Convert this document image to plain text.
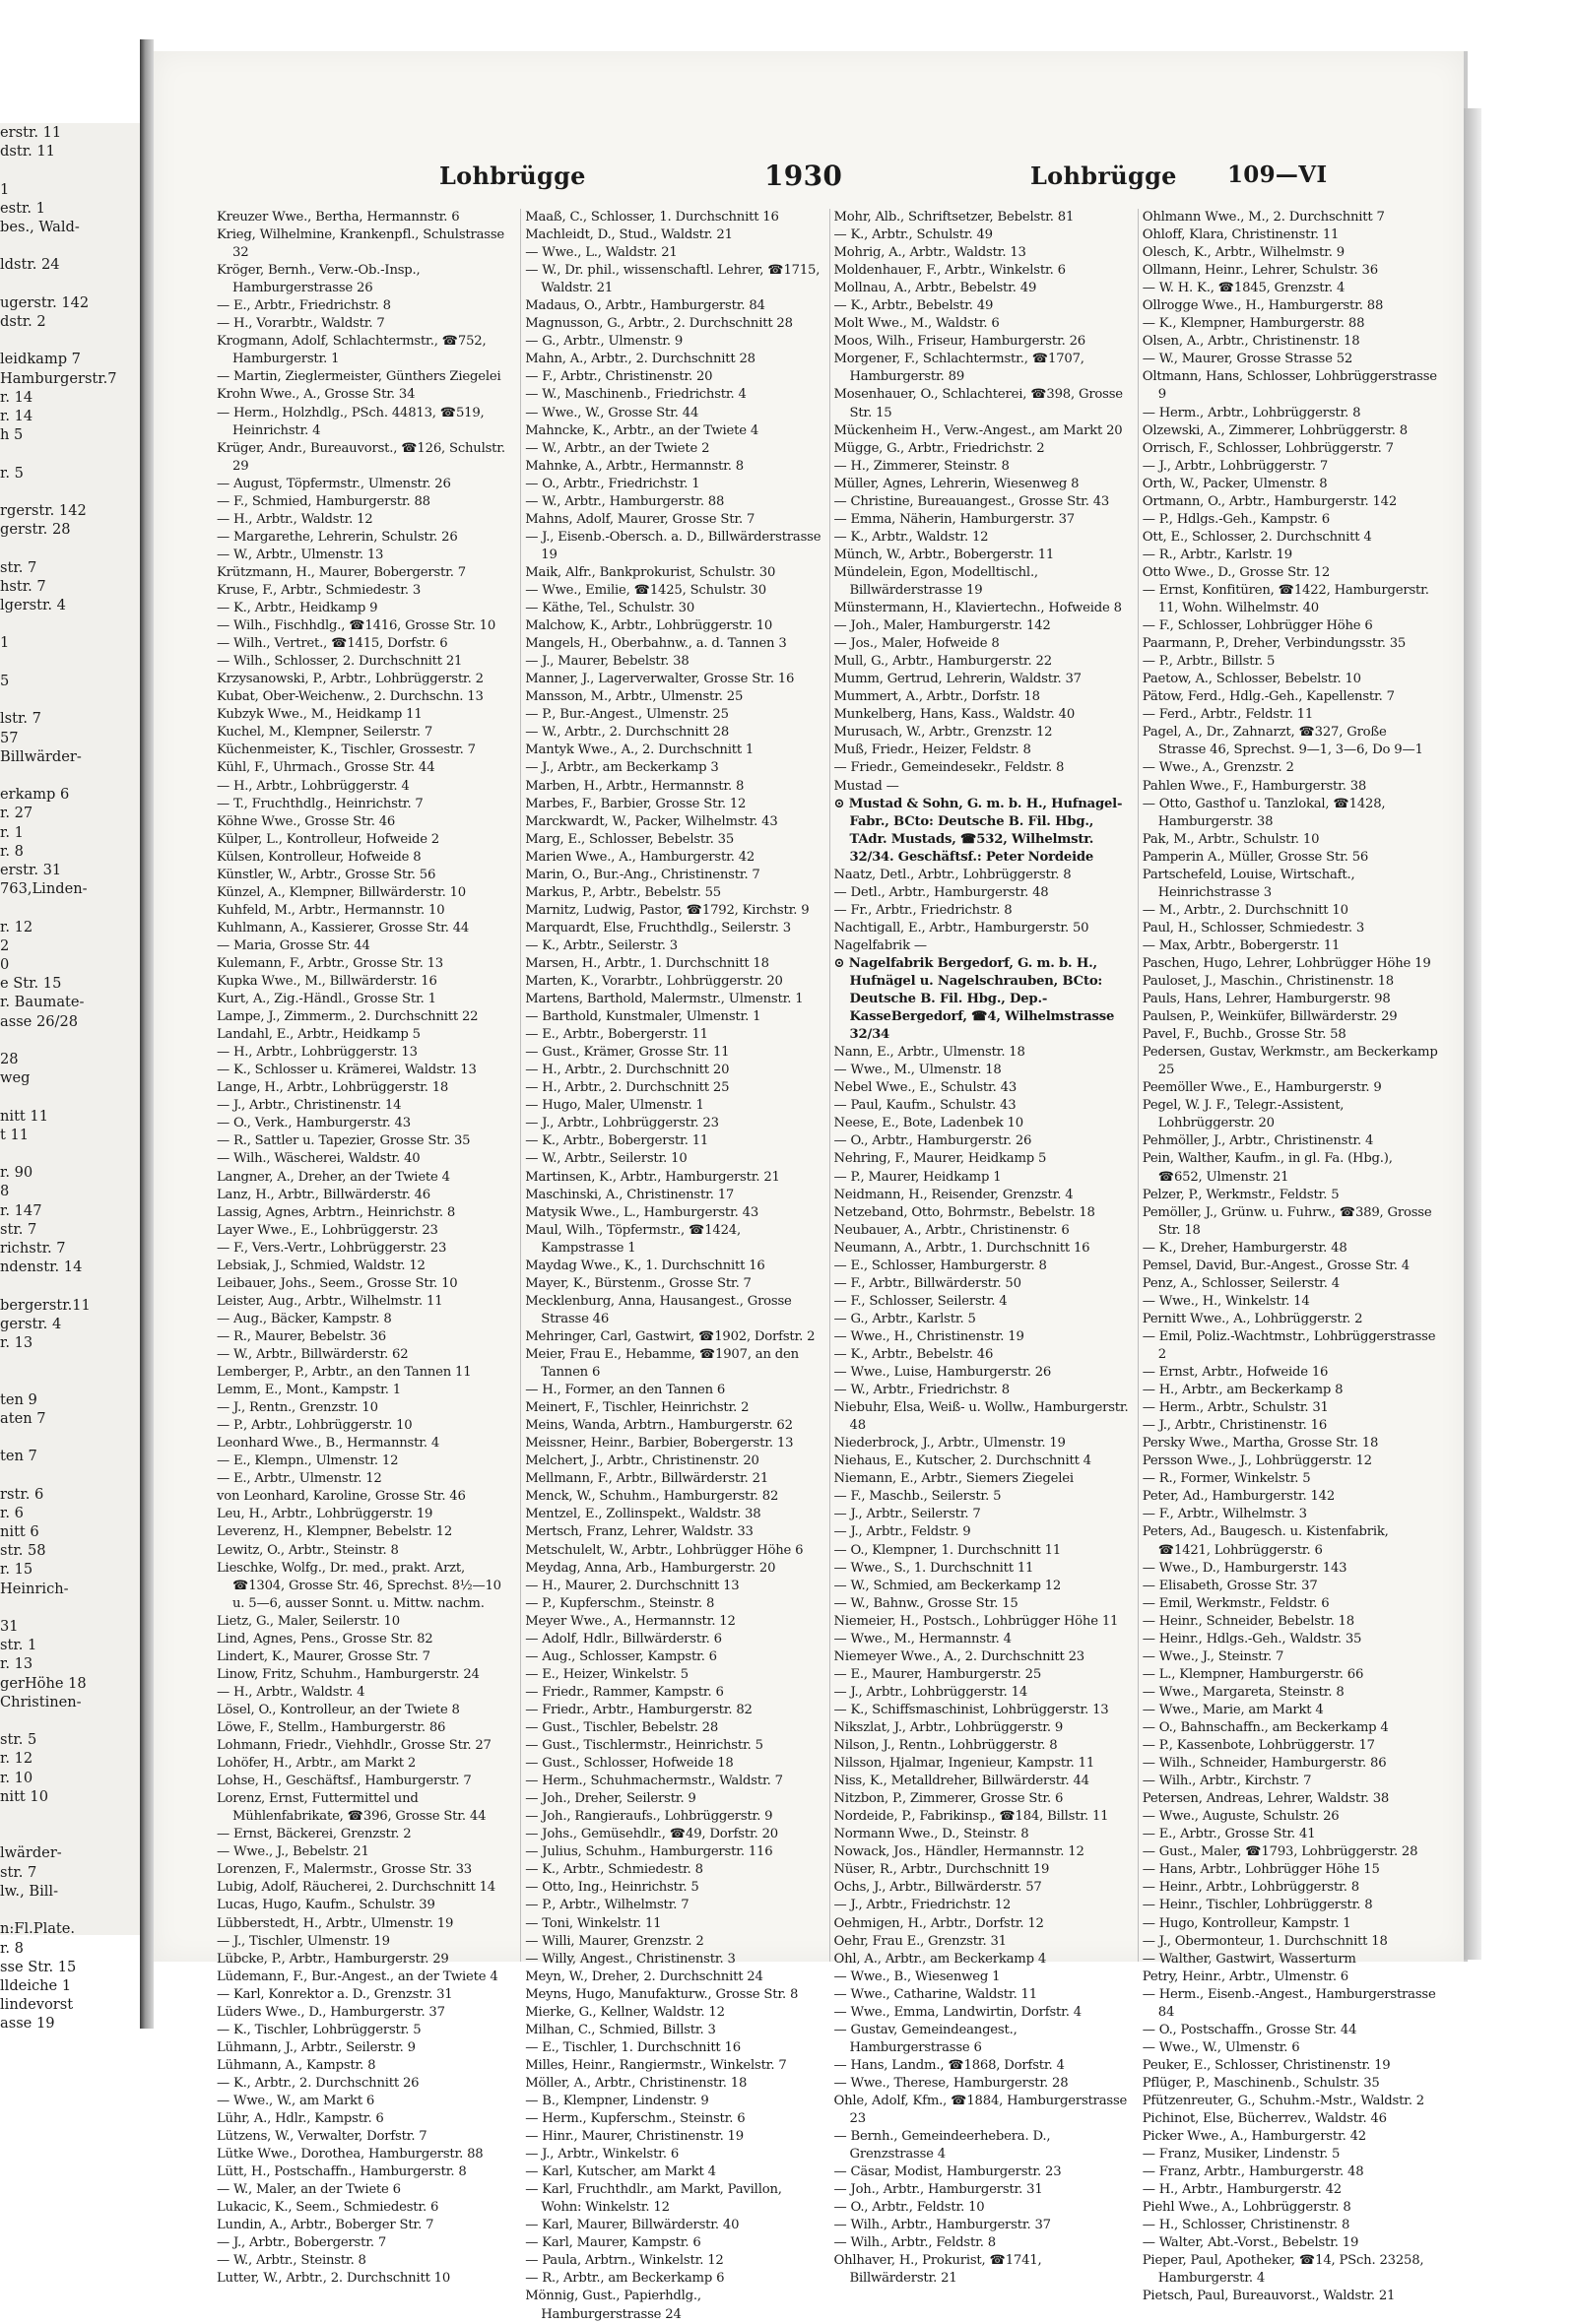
erstr. 11
dstr. 11

1
estr. 1
bes., Wald-

ldstr. 24

ugerstr. 142
dstr. 2

leidkamp 7
Hamburgerstr.7
r. 14
r. 14
h 5

r. 5

rgerstr. 142
gerstr. 28

str. 7
hstr. 7
lgerstr. 4

1

5

lstr. 7
57
Billwärder-

erkamp 6
r. 27
r. 1
r. 8
erstr. 31
763,Linden-

r. 12
2
0
e Str. 15
r. Baumate-
asse 26/28

28
weg

nitt 11
t 11

r. 90
8
r. 147
str. 7
richstr. 7
ndenstr. 14

bergerstr.11
gerstr. 4
r. 13

ten 9
aten 7

ten 7

rstr. 6
r. 6
nitt 6
str. 58
r. 15
Heinrich-

31
str. 1
r. 13
gerHöhe 18
Christinen-

str. 5
r. 12
r. 10
nitt 10

lwärder-
str. 7
lw., Bill-

n:Fl.Plate.
r. 8
sse Str. 15
lldeiche 1
lindevorst
asse 19

Lohbrügge	1930	Lohbrügge 109—VI
Kreuzer Wwe., Bertha, Hermannstr. 6
Krieg, Wilhelmine, Krankenpfl., Schulstrasse 32
Kröger, Bernh., Verw.-Ob.-Insp., Hamburgerstrasse 26
— E., Arbtr., Friedrichstr. 8
— H., Vorarbtr., Waldstr. 7
Krogmann, Adolf, Schlachtermstr., ☎752, Hamburgerstr. 1
— Martin, Zieglermeister, Günthers Ziegelei
Krohn Wwe., A., Grosse Str. 34
— Herm., Holzhdlg., PSch. 44813, ☎519, Heinrichstr. 4
Krüger, Andr., Bureauvorst., ☎126, Schulstr. 29
— August, Töpfermstr., Ulmenstr. 26
— F., Schmied, Hamburgerstr. 88
— H., Arbtr., Waldstr. 12
— Margarethe, Lehrerin, Schulstr. 26
— W., Arbtr., Ulmenstr. 13
Krützmann, H., Maurer, Bobergerstr. 7
Kruse, F., Arbtr., Schmiedestr. 3
— K., Arbtr., Heidkamp 9
— Wilh., Fischhdlg., ☎1416, Grosse Str. 10
— Wilh., Vertret., ☎1415, Dorfstr. 6
— Wilh., Schlosser, 2. Durchschnitt 21
Krzysanowski, P., Arbtr., Lohbrüggerstr. 2
Kubat, Ober-Weichenw., 2. Durchschn. 13
Kubzyk Wwe., M., Heidkamp 11
Kuchel, M., Klempner, Seilerstr. 7
Küchenmeister, K., Tischler, Grossestr. 7
Kühl, F., Uhrmach., Grosse Str. 44
— H., Arbtr., Lohbrüggerstr. 4
— T., Fruchthdlg., Heinrichstr. 7
Köhne Wwe., Grosse Str. 46
Külper, L., Kontrolleur, Hofweide 2
Külsen, Kontrolleur, Hofweide 8
Künstler, W., Arbtr., Grosse Str. 56
Künzel, A., Klempner, Billwärderstr. 10
Kuhfeld, M., Arbtr., Hermannstr. 10
Kuhlmann, A., Kassierer, Grosse Str. 44
— Maria, Grosse Str. 44
Kulemann, F., Arbtr., Grosse Str. 13
Kupka Wwe., M., Billwärderstr. 16
Kurt, A., Zig.-Händl., Grosse Str. 1
Lampe, J., Zimmerm., 2. Durchschnitt 22
Landahl, E., Arbtr., Heidkamp 5
— H., Arbtr., Lohbrüggerstr. 13
— K., Schlosser u. Krämerei, Waldstr. 13
Lange, H., Arbtr., Lohbrüggerstr. 18
— J., Arbtr., Christinenstr. 14
— O., Verk., Hamburgerstr. 43
— R., Sattler u. Tapezier, Grosse Str. 35
— Wilh., Wäscherei, Waldstr. 40
Langner, A., Dreher, an der Twiete 4
Lanz, H., Arbtr., Billwärderstr. 46
Lassig, Agnes, Arbtrn., Heinrichstr. 8
Layer Wwe., E., Lohbrüggerstr. 23
— F., Vers.-Vertr., Lohbrüggerstr. 23
Lebsiak, J., Schmied, Waldstr. 12
Leibauer, Johs., Seem., Grosse Str. 10
Leister, Aug., Arbtr., Wilhelmstr. 11
— Aug., Bäcker, Kampstr. 8
— R., Maurer, Bebelstr. 36
— W., Arbtr., Billwärderstr. 62
Lemberger, P., Arbtr., an den Tannen 11
Lemm, E., Mont., Kampstr. 1
— J., Rentn., Grenzstr. 10
— P., Arbtr., Lohbrüggerstr. 10
Leonhard Wwe., B., Hermannstr. 4
— E., Klempn., Ulmenstr. 12
— E., Arbtr., Ulmenstr. 12
von Leonhard, Karoline, Grosse Str. 46
Leu, H., Arbtr., Lohbrüggerstr. 19
Leverenz, H., Klempner, Bebelstr. 12
Lewitz, O., Arbtr., Steinstr. 8
Lieschke, Wolfg., Dr. med., prakt. Arzt, ☎1304, Grosse Str. 46, Sprechst. 8½—10 u. 5—6, ausser Sonnt. u. Mittw. nachm.
Lietz, G., Maler, Seilerstr. 10
Lind, Agnes, Pens., Grosse Str. 82
Lindert, K., Maurer, Grosse Str. 7
Linow, Fritz, Schuhm., Hamburgerstr. 24
— H., Arbtr., Waldstr. 4
Lösel, O., Kontrolleur, an der Twiete 8
Löwe, F., Stellm., Hamburgerstr. 86
Lohmann, Friedr., Viehhdlr., Grosse Str. 27
Lohöfer, H., Arbtr., am Markt 2
Lohse, H., Geschäftsf., Hamburgerstr. 7
Lorenz, Ernst, Futtermittel und Mühlenfabrikate, ☎396, Grosse Str. 44
— Ernst, Bäckerei, Grenzstr. 2
— Wwe., J., Bebelstr. 21
Lorenzen, F., Malermstr., Grosse Str. 33
Lubig, Adolf, Räucherei, 2. Durchschnitt 14
Lucas, Hugo, Kaufm., Schulstr. 39
Lübberstedt, H., Arbtr., Ulmenstr. 19
— J., Tischler, Ulmenstr. 19
Lübcke, P., Arbtr., Hamburgerstr. 29
Lüdemann, F., Bur.-Angest., an der Twiete 4
— Karl, Konrektor a. D., Grenzstr. 31
Lüders Wwe., D., Hamburgerstr. 37
— K., Tischler, Lohbrüggerstr. 5
Lühmann, J., Arbtr., Seilerstr. 9
Lühmann, A., Kampstr. 8
— K., Arbtr., 2. Durchschnitt 26
— Wwe., W., am Markt 6
Lühr, A., Hdlr., Kampstr. 6
Lützens, W., Verwalter, Dorfstr. 7
Lütke Wwe., Dorothea, Hamburgerstr. 88
Lütt, H., Postschaffn., Hamburgerstr. 8
— W., Maler, an der Twiete 6
Lukacic, K., Seem., Schmiedestr. 6
Lundin, A., Arbtr., Boberger Str. 7
— J., Arbtr., Bobergerstr. 7
— W., Arbtr., Steinstr. 8
Lutter, W., Arbtr., 2. Durchschnitt 10
Maaß, C., Schlosser, 1. Durchschnitt 16
Machleidt, D., Stud., Waldstr. 21
— Wwe., L., Waldstr. 21
— W., Dr. phil., wissenschaftl. Lehrer, ☎1715, Waldstr. 21
Madaus, O., Arbtr., Hamburgerstr. 84
Magnusson, G., Arbtr., 2. Durchschnitt 28
— G., Arbtr., Ulmenstr. 9
Mahn, A., Arbtr., 2. Durchschnitt 28
— F., Arbtr., Christinenstr. 20
— W., Maschinenb., Friedrichstr. 4
— Wwe., W., Grosse Str. 44
Mahncke, K., Arbtr., an der Twiete 4
— W., Arbtr., an der Twiete 2
Mahnke, A., Arbtr., Hermannstr. 8
— O., Arbtr., Friedrichstr. 1
— W., Arbtr., Hamburgerstr. 88
Mahns, Adolf, Maurer, Grosse Str. 7
— J., Eisenb.-Obersch. a. D., Billwärderstrasse 19
Maik, Alfr., Bankprokurist, Schulstr. 30
— Wwe., Emilie, ☎1425, Schulstr. 30
— Käthe, Tel., Schulstr. 30
Malchow, K., Arbtr., Lohbrüggerstr. 10
Mangels, H., Oberbahnw., a. d. Tannen 3
— J., Maurer, Bebelstr. 38
Manner, J., Lagerverwalter, Grosse Str. 16
Mansson, M., Arbtr., Ulmenstr. 25
— P., Bur.-Angest., Ulmenstr. 25
— W., Arbtr., 2. Durchschnitt 28
Mantyk Wwe., A., 2. Durchschnitt 1
— J., Arbtr., am Beckerkamp 3
Marben, H., Arbtr., Hermannstr. 8
Marbes, F., Barbier, Grosse Str. 12
Marckwardt, W., Packer, Wilhelmstr. 43
Marg, E., Schlosser, Bebelstr. 35
Marien Wwe., A., Hamburgerstr. 42
Marin, O., Bur.-Ang., Christinenstr. 7
Markus, P., Arbtr., Bebelstr. 55
Marnitz, Ludwig, Pastor, ☎1792, Kirchstr. 9
Marquardt, Else, Fruchthdlg., Seilerstr. 3
— K., Arbtr., Seilerstr. 3
Marsen, H., Arbtr., 1. Durchschnitt 18
Marten, K., Vorarbtr., Lohbrüggerstr. 20
Martens, Barthold, Malermstr., Ulmenstr. 1
— Barthold, Kunstmaler, Ulmenstr. 1
— E., Arbtr., Bobergerstr. 11
— Gust., Krämer, Grosse Str. 11
— H., Arbtr., 2. Durchschnitt 20
— H., Arbtr., 2. Durchschnitt 25
— Hugo, Maler, Ulmenstr. 1
— J., Arbtr., Lohbrüggerstr. 23
— K., Arbtr., Bobergerstr. 11
— W., Arbtr., Seilerstr. 10
Martinsen, K., Arbtr., Hamburgerstr. 21
Maschinski, A., Christinenstr. 17
Matysik Wwe., L., Hamburgerstr. 43
Maul, Wilh., Töpfermstr., ☎1424, Kampstrasse 1
Maydag Wwe., K., 1. Durchschnitt 16
Mayer, K., Bürstenm., Grosse Str. 7
Mecklenburg, Anna, Hausangest., Grosse Strasse 46
Mehringer, Carl, Gastwirt, ☎1902, Dorfstr. 2
Meier, Frau E., Hebamme, ☎1907, an den Tannen 6
— H., Former, an den Tannen 6
Meinert, F., Tischler, Heinrichstr. 2
Meins, Wanda, Arbtrn., Hamburgerstr. 62
Meissner, Heinr., Barbier, Bobergerstr. 13
Melchert, J., Arbtr., Christinenstr. 20
Mellmann, F., Arbtr., Billwärderstr. 21
Menck, W., Schuhm., Hamburgerstr. 82
Mentzel, E., Zollinspekt., Waldstr. 38
Mertsch, Franz, Lehrer, Waldstr. 33
Metschulelt, W., Arbtr., Lohbrügger Höhe 6
Meydag, Anna, Arb., Hamburgerstr. 20
— H., Maurer, 2. Durchschnitt 13
— P., Kupferschm., Steinstr. 8
Meyer Wwe., A., Hermannstr. 12
— Adolf, Hdlr., Billwärderstr. 6
— Aug., Schlosser, Kampstr. 6
— E., Heizer, Winkelstr. 5
— Friedr., Rammer, Kampstr. 6
— Friedr., Arbtr., Hamburgerstr. 82
— Gust., Tischler, Bebelstr. 28
— Gust., Tischlermstr., Heinrichstr. 5
— Gust., Schlosser, Hofweide 18
— Herm., Schuhmachermstr., Waldstr. 7
— Joh., Dreher, Seilerstr. 9
— Joh., Rangieraufs., Lohbrüggerstr. 9
— Johs., Gemüsehdlr., ☎49, Dorfstr. 20
— Julius, Schuhm., Hamburgerstr. 116
— K., Arbtr., Schmiedestr. 8
— Otto, Ing., Heinrichstr. 5
— P., Arbtr., Wilhelmstr. 7
— Toni, Winkelstr. 11
— Willi, Maurer, Grenzstr. 2
— Willy, Angest., Christinenstr. 3
Meyn, W., Dreher, 2. Durchschnitt 24
Meyns, Hugo, Manufakturw., Grosse Str. 8
Mierke, G., Kellner, Waldstr. 12
Milhan, C., Schmied, Billstr. 3
— E., Tischler, 1. Durchschnitt 16
Milles, Heinr., Rangiermstr., Winkelstr. 7
Möller, A., Arbtr., Christinenstr. 18
— B., Klempner, Lindenstr. 9
— Herm., Kupferschm., Steinstr. 6
— Hinr., Maurer, Christinenstr. 19
— J., Arbtr., Winkelstr. 6
— Karl, Kutscher, am Markt 4
— Karl, Fruchthdlr., am Markt, Pavillon, Wohn: Winkelstr. 12
— Karl, Maurer, Billwärderstr. 40
— Karl, Maurer, Kampstr. 6
— Paula, Arbtrn., Winkelstr. 12
— R., Arbtr., am Beckerkamp 6
Mönnig, Gust., Papierhdlg., Hamburgerstrasse 24
Mohr, Alb., Schriftsetzer, Bebelstr. 81
— K., Arbtr., Schulstr. 49
Mohrig, A., Arbtr., Waldstr. 13
Moldenhauer, F., Arbtr., Winkelstr. 6
Mollnau, A., Arbtr., Bebelstr. 49
— K., Arbtr., Bebelstr. 49
Molt Wwe., M., Waldstr. 6
Moos, Wilh., Friseur, Hamburgerstr. 26
Morgener, F., Schlachtermstr., ☎1707, Hamburgerstr. 89
Mosenhauer, O., Schlachterei, ☎398, Grosse Str. 15
Mückenheim H., Verw.-Angest., am Markt 20
Mügge, G., Arbtr., Friedrichstr. 2
— H., Zimmerer, Steinstr. 8
Müller, Agnes, Lehrerin, Wiesenweg 8
— Christine, Bureauangest., Grosse Str. 43
— Emma, Näherin, Hamburgerstr. 37
— K., Arbtr., Waldstr. 12
Münch, W., Arbtr., Bobergerstr. 11
Mündelein, Egon, Modelltischl., Billwärderstrasse 19
Münstermann, H., Klaviertechn., Hofweide 8
— Joh., Maler, Hamburgerstr. 142
— Jos., Maler, Hofweide 8
Mull, G., Arbtr., Hamburgerstr. 22
Mumm, Gertrud, Lehrerin, Waldstr. 37
Mummert, A., Arbtr., Dorfstr. 18
Munkelberg, Hans, Kass., Waldstr. 40
Murusach, W., Arbtr., Grenzstr. 12
Muß, Friedr., Heizer, Feldstr. 8
— Friedr., Gemeindesekr., Feldstr. 8
Mustad —
⊙ Mustad & Sohn, G. m. b. H., Hufnagel-Fabr., BCto: Deutsche B. Fil. Hbg., TAdr. Mustads, ☎532, Wilhelmstr. 32/34. Geschäftsf.: Peter Nordeide
Naatz, Detl., Arbtr., Lohbrüggerstr. 8
— Detl., Arbtr., Hamburgerstr. 48
— Fr., Arbtr., Friedrichstr. 8
Nachtigall, E., Arbtr., Hamburgerstr. 50
Nagelfabrik —
⊙ Nagelfabrik Bergedorf, G. m. b. H., Hufnägel u. Nagelschrauben, BCto: Deutsche B. Fil. Hbg., Dep.-KasseBergedorf, ☎4, Wilhelmstrasse 32/34
Nann, E., Arbtr., Ulmenstr. 18
— Wwe., M., Ulmenstr. 18
Nebel Wwe., E., Schulstr. 43
— Paul, Kaufm., Schulstr. 43
Neese, E., Bote, Ladenbek 10
— O., Arbtr., Hamburgerstr. 26
Nehring, F., Maurer, Heidkamp 5
— P., Maurer, Heidkamp 1
Neidmann, H., Reisender, Grenzstr. 4
Netzeband, Otto, Bohrmstr., Bebelstr. 18
Neubauer, A., Arbtr., Christinenstr. 6
Neumann, A., Arbtr., 1. Durchschnitt 16
— E., Schlosser, Hamburgerstr. 8
— F., Arbtr., Billwärderstr. 50
— F., Schlosser, Seilerstr. 4
— G., Arbtr., Karlstr. 5
— Wwe., H., Christinenstr. 19
— K., Arbtr., Bebelstr. 46
— Wwe., Luise, Hamburgerstr. 26
— W., Arbtr., Friedrichstr. 8
Niebuhr, Elsa, Weiß- u. Wollw., Hamburgerstr. 48
Niederbrock, J., Arbtr., Ulmenstr. 19
Niehaus, E., Kutscher, 2. Durchschnitt 4
Niemann, E., Arbtr., Siemers Ziegelei
— F., Maschb., Seilerstr. 5
— J., Arbtr., Seilerstr. 7
— J., Arbtr., Feldstr. 9
— O., Klempner, 1. Durchschnitt 11
— Wwe., S., 1. Durchschnitt 11
— W., Schmied, am Beckerkamp 12
— W., Bahnw., Grosse Str. 15
Niemeier, H., Postsch., Lohbrügger Höhe 11
— Wwe., M., Hermannstr. 4
Niemeyer Wwe., A., 2. Durchschnitt 23
— E., Maurer, Hamburgerstr. 25
— J., Arbtr., Lohbrüggerstr. 14
— K., Schiffsmaschinist, Lohbrüggerstr. 13
Nikszlat, J., Arbtr., Lohbrüggerstr. 9
Nilson, J., Rentn., Lohbrüggerstr. 8
Nilsson, Hjalmar, Ingenieur, Kampstr. 11
Niss, K., Metalldreher, Billwärderstr. 44
Nitzbon, P., Zimmerer, Grosse Str. 6
Nordeide, P., Fabrikinsp., ☎184, Billstr. 11
Normann Wwe., D., Steinstr. 8
Nowack, Jos., Händler, Hermannstr. 12
Nüser, R., Arbtr., Durchschnitt 19
Ochs, J., Arbtr., Billwärderstr. 57
— J., Arbtr., Friedrichstr. 12
Oehmigen, H., Arbtr., Dorfstr. 12
Oehr, Frau E., Grenzstr. 31
Ohl, A., Arbtr., am Beckerkamp 4
— Wwe., B., Wiesenweg 1
— Wwe., Catharine, Waldstr. 11
— Wwe., Emma, Landwirtin, Dorfstr. 4
— Gustav, Gemeindeangest., Hamburgerstrasse 6
— Hans, Landm., ☎1868, Dorfstr. 4
— Wwe., Therese, Hamburgerstr. 28
Ohle, Adolf, Kfm., ☎1884, Hamburgerstrasse 23
— Bernh., Gemeindeerhebera. D., Grenzstrasse 4
— Cäsar, Modist, Hamburgerstr. 23
— Joh., Arbtr., Hamburgerstr. 31
— O., Arbtr., Feldstr. 10
— Wilh., Arbtr., Hamburgerstr. 37
— Wilh., Arbtr., Feldstr. 8
Ohlhaver, H., Prokurist, ☎1741, Billwärderstr. 21
Ohlmann Wwe., M., 2. Durchschnitt 7
Ohloff, Klara, Christinenstr. 11
Olesch, K., Arbtr., Wilhelmstr. 9
Ollmann, Heinr., Lehrer, Schulstr. 36
— W. H. K., ☎1845, Grenzstr. 4
Ollrogge Wwe., H., Hamburgerstr. 88
— K., Klempner, Hamburgerstr. 88
Olsen, A., Arbtr., Christinenstr. 18
— W., Maurer, Grosse Strasse 52
Oltmann, Hans, Schlosser, Lohbrüggerstrasse 9
— Herm., Arbtr., Lohbrüggerstr. 8
Olzewski, A., Zimmerer, Lohbrüggerstr. 8
Orrisch, F., Schlosser, Lohbrüggerstr. 7
— J., Arbtr., Lohbrüggerstr. 7
Orth, W., Packer, Ulmenstr. 8
Ortmann, O., Arbtr., Hamburgerstr. 142
— P., Hdlgs.-Geh., Kampstr. 6
Ott, E., Schlosser, 2. Durchschnitt 4
— R., Arbtr., Karlstr. 19
Otto Wwe., D., Grosse Str. 12
— Ernst, Konfitüren, ☎1422, Hamburgerstr. 11, Wohn. Wilhelmstr. 40
— F., Schlosser, Lohbrügger Höhe 6
Paarmann, P., Dreher, Verbindungsstr. 35
— P., Arbtr., Billstr. 5
Paetow, A., Schlosser, Bebelstr. 10
Pätow, Ferd., Hdlg.-Geh., Kapellenstr. 7
— Ferd., Arbtr., Feldstr. 11
Pagel, A., Dr., Zahnarzt, ☎327, Große Strasse 46, Sprechst. 9—1, 3—6, Do 9—1
— Wwe., A., Grenzstr. 2
Pahlen Wwe., F., Hamburgerstr. 38
— Otto, Gasthof u. Tanzlokal, ☎1428, Hamburgerstr. 38
Pak, M., Arbtr., Schulstr. 10
Pamperin A., Müller, Grosse Str. 56
Partschefeld, Louise, Wirtschaft., Heinrichstrasse 3
— M., Arbtr., 2. Durchschnitt 10
Paul, H., Schlosser, Schmiedestr. 3
— Max, Arbtr., Bobergerstr. 11
Paschen, Hugo, Lehrer, Lohbrügger Höhe 19
Pauloset, J., Maschin., Christinenstr. 18
Pauls, Hans, Lehrer, Hamburgerstr. 98
Paulsen, P., Weinküfer, Billwärderstr. 29
Pavel, F., Buchb., Grosse Str. 58
Pedersen, Gustav, Werkmstr., am Beckerkamp 25
Peemöller Wwe., E., Hamburgerstr. 9
Pegel, W. J. F., Telegr.-Assistent, Lohbrüggerstr. 20
Pehmöller, J., Arbtr., Christinenstr. 4
Pein, Walther, Kaufm., in gl. Fa. (Hbg.), ☎652, Ulmenstr. 21
Pelzer, P., Werkmstr., Feldstr. 5
Pemöller, J., Grünw. u. Fuhrw., ☎389, Grosse Str. 18
— K., Dreher, Hamburgerstr. 48
Pemsel, David, Bur.-Angest., Grosse Str. 4
Penz, A., Schlosser, Seilerstr. 4
— Wwe., H., Winkelstr. 14
Pernitt Wwe., A., Lohbrüggerstr. 2
— Emil, Poliz.-Wachtmstr., Lohbrüggerstrasse 2
— Ernst, Arbtr., Hofweide 16
— H., Arbtr., am Beckerkamp 8
— Herm., Arbtr., Schulstr. 31
— J., Arbtr., Christinenstr. 16
Persky Wwe., Martha, Grosse Str. 18
Persson Wwe., J., Lohbrüggerstr. 12
— R., Former, Winkelstr. 5
Peter, Ad., Hamburgerstr. 142
— F., Arbtr., Wilhelmstr. 3
Peters, Ad., Baugesch. u. Kistenfabrik, ☎1421, Lohbrüggerstr. 6
— Wwe., D., Hamburgerstr. 143
— Elisabeth, Grosse Str. 37
— Emil, Werkmstr., Feldstr. 6
— Heinr., Schneider, Bebelstr. 18
— Heinr., Hdlgs.-Geh., Waldstr. 35
— Wwe., J., Steinstr. 7
— L., Klempner, Hamburgerstr. 66
— Wwe., Margareta, Steinstr. 8
— Wwe., Marie, am Markt 4
— O., Bahnschaffn., am Beckerkamp 4
— P., Kassenbote, Lohbrüggerstr. 17
— Wilh., Schneider, Hamburgerstr. 86
— Wilh., Arbtr., Kirchstr. 7
Petersen, Andreas, Lehrer, Waldstr. 38
— Wwe., Auguste, Schulstr. 26
— E., Arbtr., Grosse Str. 41
— Gust., Maler, ☎1793, Lohbrüggerstr. 28
— Hans, Arbtr., Lohbrügger Höhe 15
— Heinr., Arbtr., Lohbrüggerstr. 8
— Heinr., Tischler, Lohbrüggerstr. 8
— Hugo, Kontrolleur, Kampstr. 1
— J., Obermonteur, 1. Durchschnitt 18
— Walther, Gastwirt, Wasserturm
Petry, Heinr., Arbtr., Ulmenstr. 6
— Herm., Eisenb.-Angest., Hamburgerstrasse 84
— O., Postschaffn., Grosse Str. 44
— Wwe., W., Ulmenstr. 6
Peuker, E., Schlosser, Christinenstr. 19
Pflüger, P., Maschinenb., Schulstr. 35
Pfützenreuter, G., Schuhm.-Mstr., Waldstr. 2
Pichinot, Else, Bücherrev., Waldstr. 46
Picker Wwe., A., Hamburgerstr. 42
— Franz, Musiker, Lindenstr. 5
— Franz, Arbtr., Hamburgerstr. 48
— H., Arbtr., Hamburgerstr. 42
Piehl Wwe., A., Lohbrüggerstr. 8
— H., Schlosser, Christinenstr. 8
— Walter, Abt.-Vorst., Bebelstr. 19
Pieper, Paul, Apotheker, ☎14, PSch. 23258, Hamburgerstr. 4
Pietsch, Paul, Bureauvorst., Waldstr. 21
